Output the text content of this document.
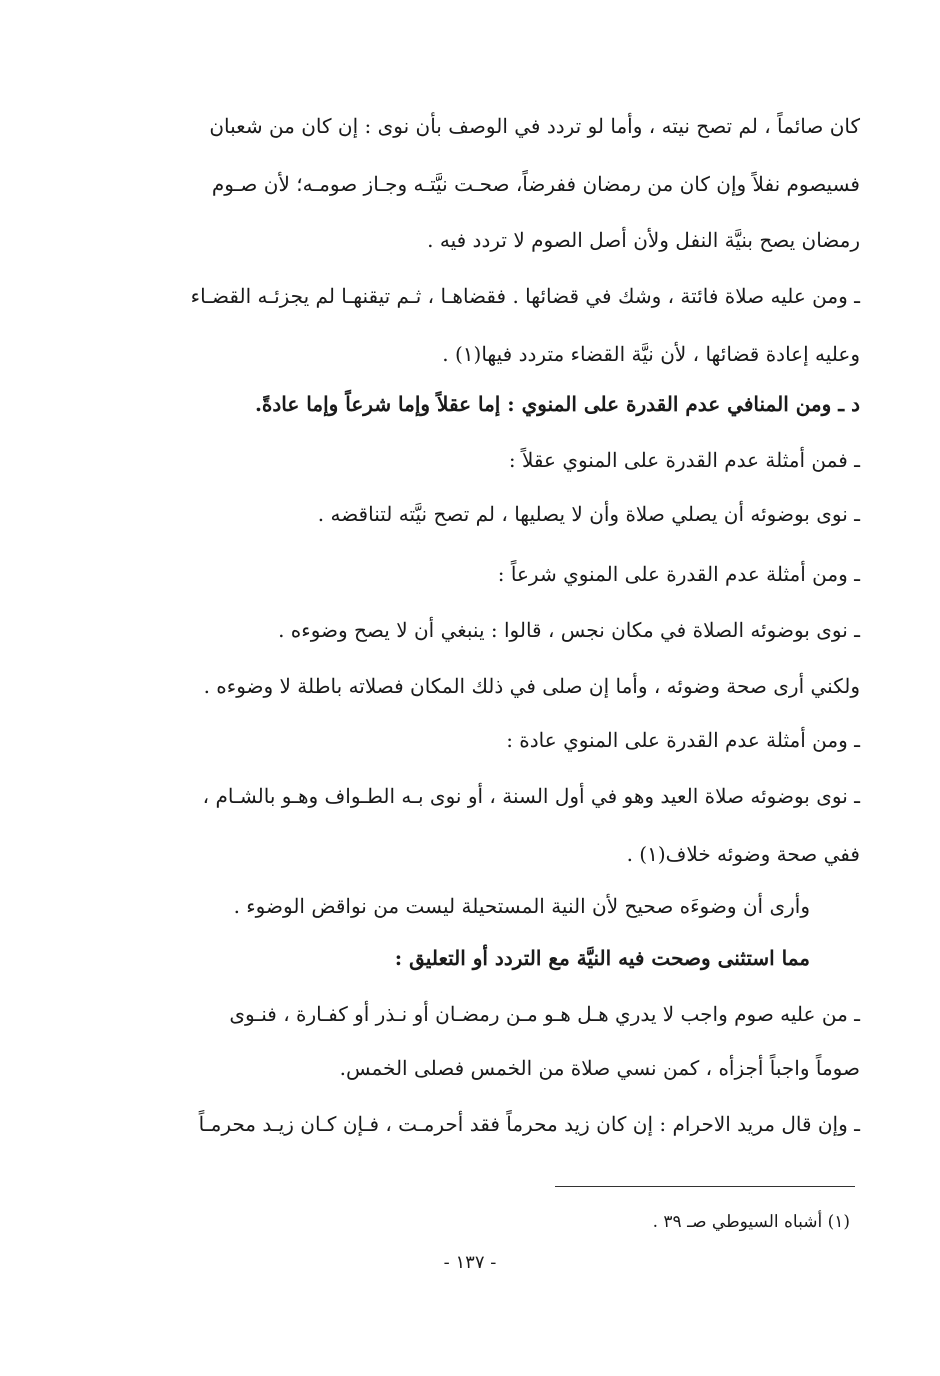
كان صائماً ، لم تصح نيته ، وأما لو تردد في الوصف بأن نوى : إن كان من شعبان
فسيصوم نفلاً وإن كان من رمضان ففرضاً، صحـت نيَّتـه وجـاز صومـه؛ لأن صـوم
رمضان يصح بنيَّة النفل ولأن أصل الصوم لا تردد فيه .
ـ ومن عليه صلاة فائتة ، وشك في قضائها . فقضاهـا ، ثـم تيقنهـا لم يجزئـه القضـاء
وعليه إعادة قضائها ، لأن نيَّة القضاء متردد فيها(١) .
د ـ ومن المنافي عدم القدرة على المنوي : إما عقلاً وإما شرعاً وإما عادةً.
ـ فمن أمثلة عدم القدرة على المنوي عقلاً :
ـ نوى بوضوئه أن يصلي صلاة وأن لا يصليها ، لم تصح نيَّته لتناقضه .
ـ ومن أمثلة عدم القدرة على المنوي شرعاً :
ـ نوى بوضوئه الصلاة في مكان نجس ، قالوا : ينبغي أن لا يصح وضوءه .
ولكني أرى صحة وضوئه ، وأما إن صلى في ذلك المكان فصلاته باطلة لا وضوءه .
ـ ومن أمثلة عدم القدرة على المنوي عادة :
ـ نوى بوضوئه صلاة العيد وهو في أول السنة ، أو نوى بـه الطـواف وهـو بالشـام ،
ففي صحة وضوئه خلاف(١) .
وأرى أن وضوءَه صحيح لأن النية المستحيلة ليست من نواقض الوضوء .
مما استثنى وصحت فيه النيَّة مع التردد أو التعليق :
ـ من عليه صوم واجب لا يدري هـل هـو مـن رمضـان أو نـذر أو كفـارة ، فنـوى
صوماً واجباً أجزأه ، كمن نسي صلاة من الخمس فصلى الخمس.
ـ وإن قال مريد الاحرام : إن كان زيد محرماً فقد أحرمـت ، فـإن كـان زيـد محرمـاً
(١) أشباه السيوطي صـ ٣٩ .
- ١٣٧ -
